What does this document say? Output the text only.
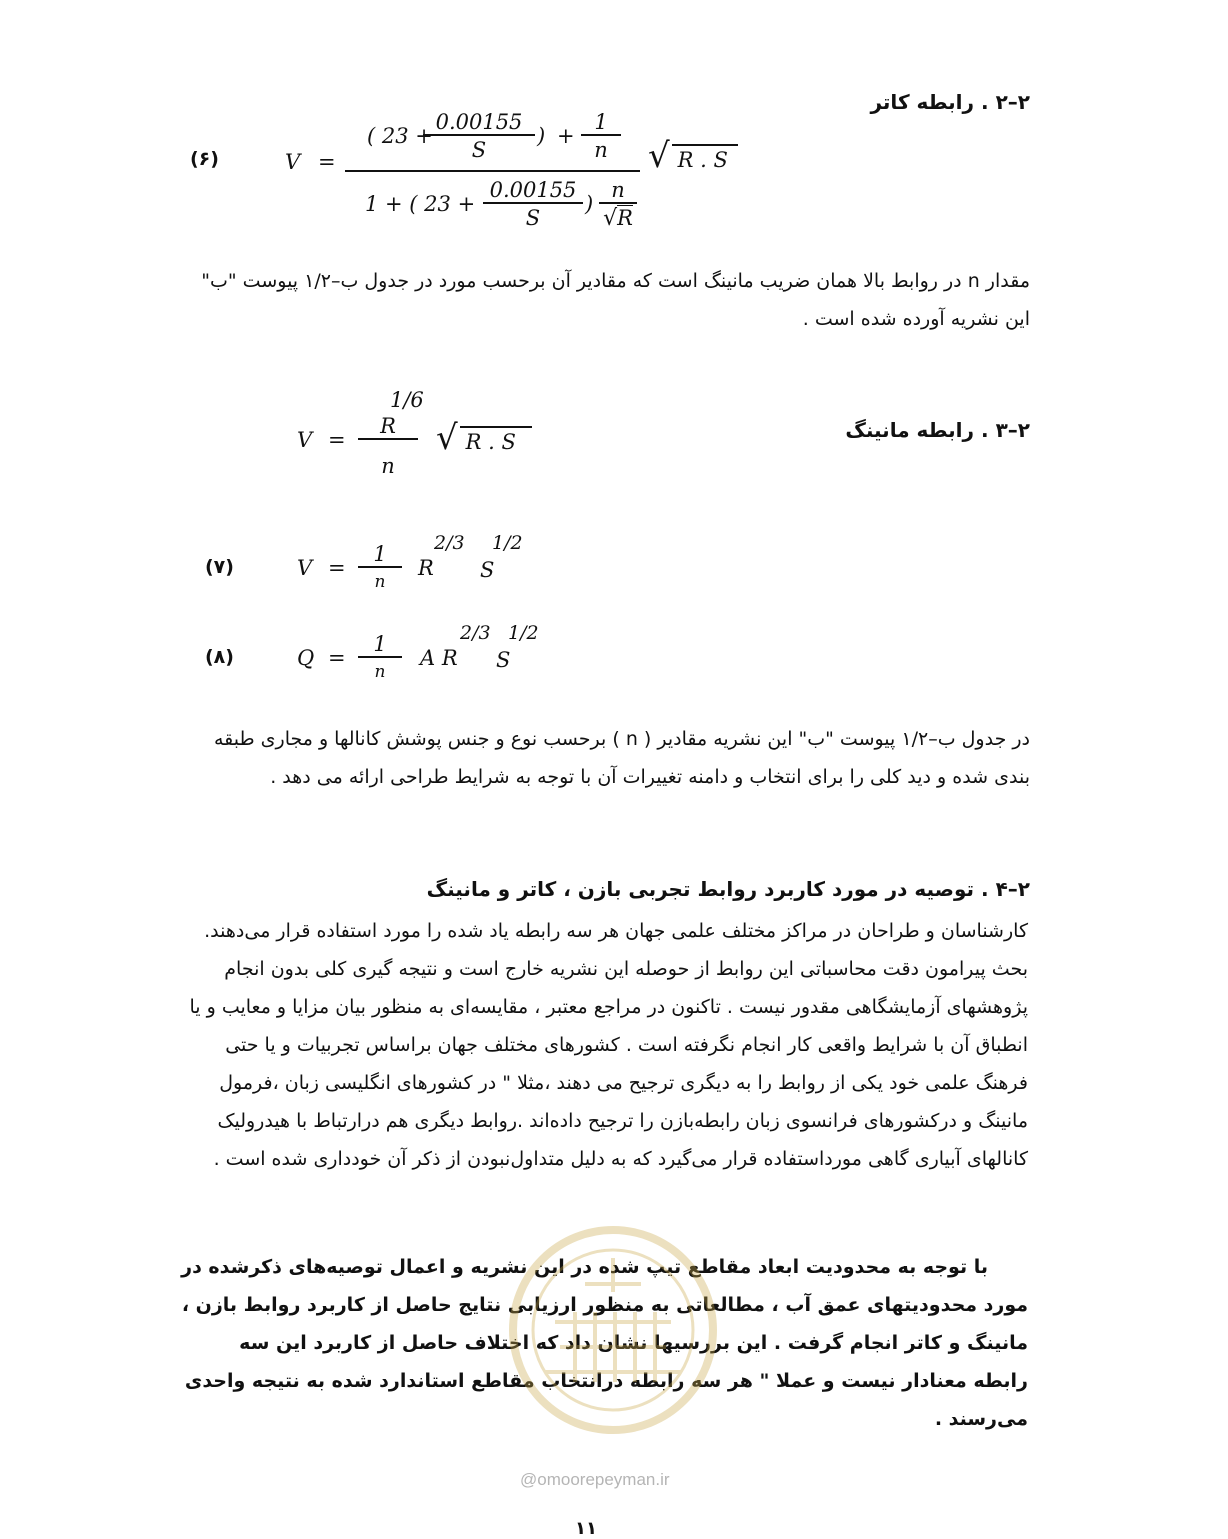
۲–۲ . رابطه کاتر
(۶)	V =
( 23 +
0.00155
S
) +
1
n
1 + ( 23 +
0.00155
S
)
n
√R
√ R . S
مقدار n در روابط بالا همان ضریب مانینگ است که مقادیر آن برحسب مورد در جدول ب–۱/۲ پیوست "ب" این نشریه آورده شده است .
۲–۳ . رابطه مانینگ
V =
1/6
R
n
√ R . S
(۷)	V =
1
n
R
2/3
S
1/2
(۸)	Q =
1
n
A R
2/3
S
1/2
در جدول ب–۱/۲ پیوست "ب" این نشریه مقادیر ( n ) برحسب نوع و جنس پوشش کانالها و مجاری طبقه بندی شده و دید کلی را برای انتخاب و دامنه تغییرات آن با توجه به شرایط طراحی ارائه می دهد .
۲–۴ . توصیه در مورد کاربرد روابط تجربی بازن ، کاتر و مانینگ
کارشناسان و طراحان در مراکز مختلف علمی جهان هر سه رابطه یاد شده را مورد استفاده قرار می‌دهند. بحث پیرامون دقت محاسباتی این روابط از حوصله این نشریه خارج است و نتیجه گیری کلی بدون انجام پژوهشهای آزمایشگاهی مقدور نیست . تاکنون در مراجع معتبر ، مقایسه‌ای به منظور بیان مزایا و معایب و یا انطباق آن با شرایط واقعی کار انجام نگرفته است . کشورهای مختلف جهان براساس تجربیات و یا حتی فرهنگ علمی خود یکی از روابط را به دیگری ترجیح می دهند ،مثلا " در کشورهای انگلیسی زبان ،فرمول مانینگ و درکشورهای فرانسوی زبان رابطه‌بازن را ترجیح داده‌اند .روابط دیگری هم درارتباط با هیدرولیک کانالهای آبیاری گاهی مورداستفاده قرار می‌گیرد که به دلیل متداول‌نبودن از ذکر آن خودداری شده است .
با توجه به محدودیت ابعاد مقاطع تیپ شده در این نشریه و اعمال توصیه‌های ذکرشده در مورد محدودیتهای عمق آب ، مطالعاتی به منظور ارزیابی نتایج حاصل از کاربرد روابط بازن ، مانینگ و کاتر انجام گرفت . این بررسیها نشان داد که اختلاف حاصل از کاربرد این سه رابطه معنادار نیست و عملا " هر سه رابطه درانتخاب مقاطع استاندارد شده به نتیجه واحدی می‌رسند .
@omoorepeyman.ir
۱۱
